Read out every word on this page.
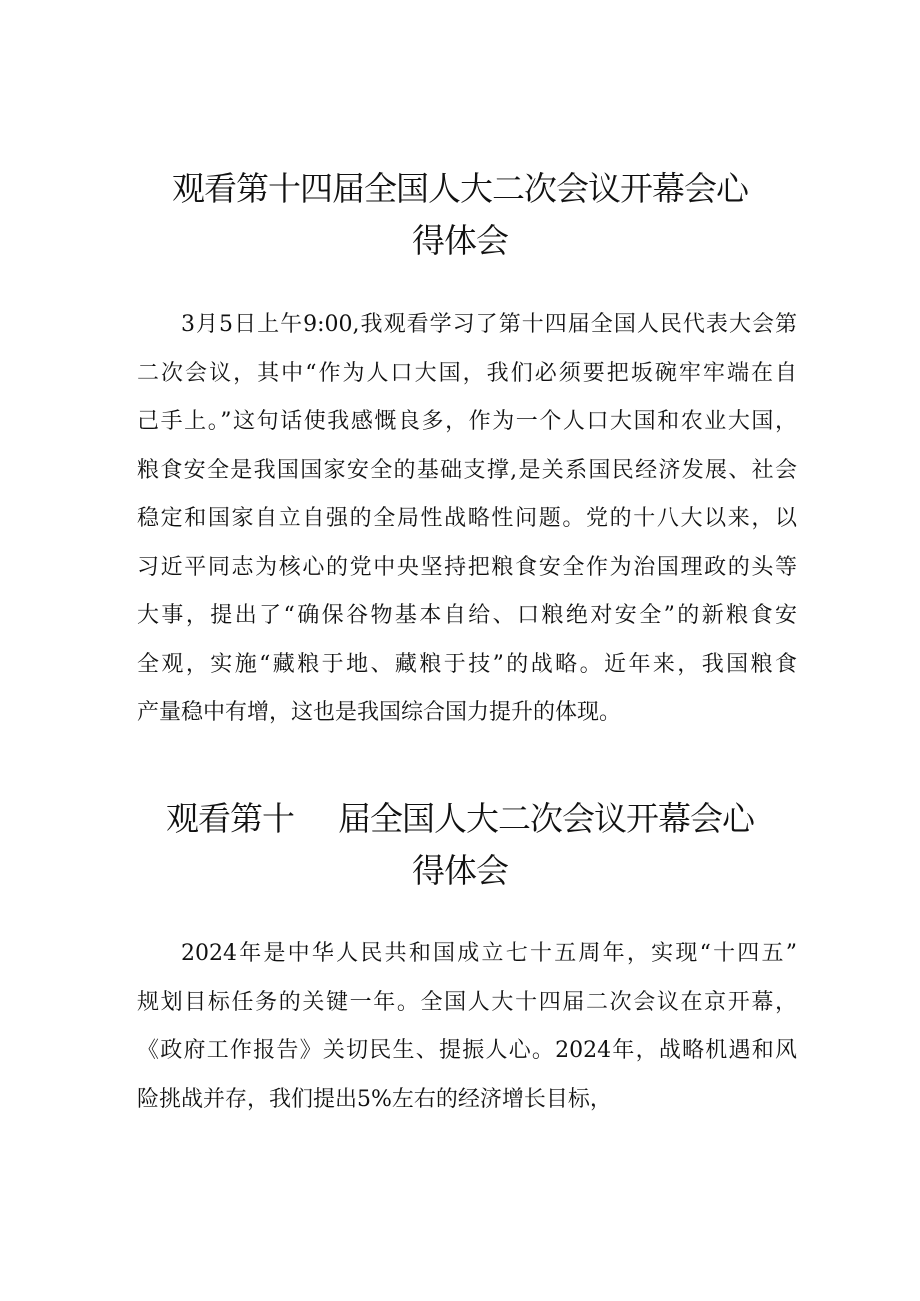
观看第十四届全国人大二次会议开幕会心
得体会

3月5日上午9:00,我观看学习了第十四届全国人民代表大会第
二次会议，其中“作为人口大国，我们必须要把坂碗牢牢端在自
己手上。”这句话使我感慨良多，作为一个人口大国和农业大国，
粮食安全是我国国家安全的基础支撑,是关系国民经济发展、社会
稳定和国家自立自强的全局性战略性问题。党的十八大以来，以
习近平同志为核心的党中央坚持把粮食安全作为治国理政的头等
大事，提出了“确保谷物基本自给、口粮绝对安全”的新粮食安
全观，实施“藏粮于地、藏粮于技”的战略。近年来，我国粮食
产量稳中有增，这也是我国综合国力提升的体现。

观看第十 届全国人大二次会议开幕会心
得体会

2024年是中华人民共和国成立七十五周年，实现“十四五”
规划目标任务的关键一年。全国人大十四届二次会议在京开幕，
《政府工作报告》关切民生、提振人心。2024年，战略机遇和风
险挑战并存，我们提出5%左右的经济增长目标，
